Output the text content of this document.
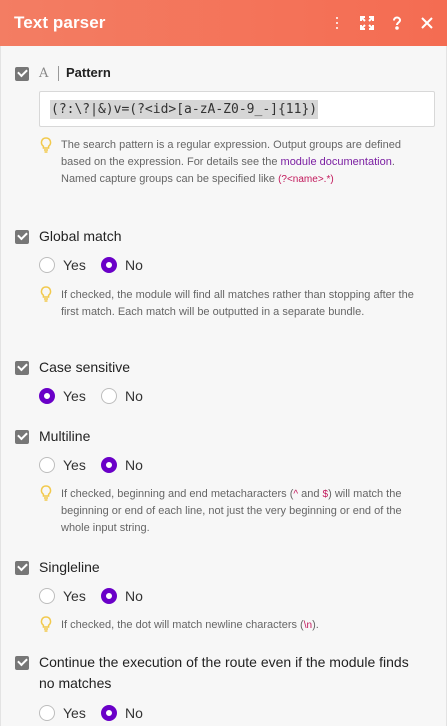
Text parser
A Pattern
(?:\?|&)v=(?<id>[a-zA-Z0-9_-]{11})
The search pattern is a regular expression. Output groups are defined based on the expression. For details see the module documentation.
Named capture groups can be specified like (?<name>.*)
Global match
Yes	No
If checked, the module will find all matches rather than stopping after the first match. Each match will be outputted in a separate bundle.
Case sensitive
Yes	No
Multiline
Yes	No
If checked, beginning and end metacharacters (^ and $) will match the beginning or end of each line, not just the very beginning or end of the whole input string.
Singleline
Yes	No
If checked, the dot will match newline characters (\n).
Continue the execution of the route even if the module finds no matches
Yes	No
